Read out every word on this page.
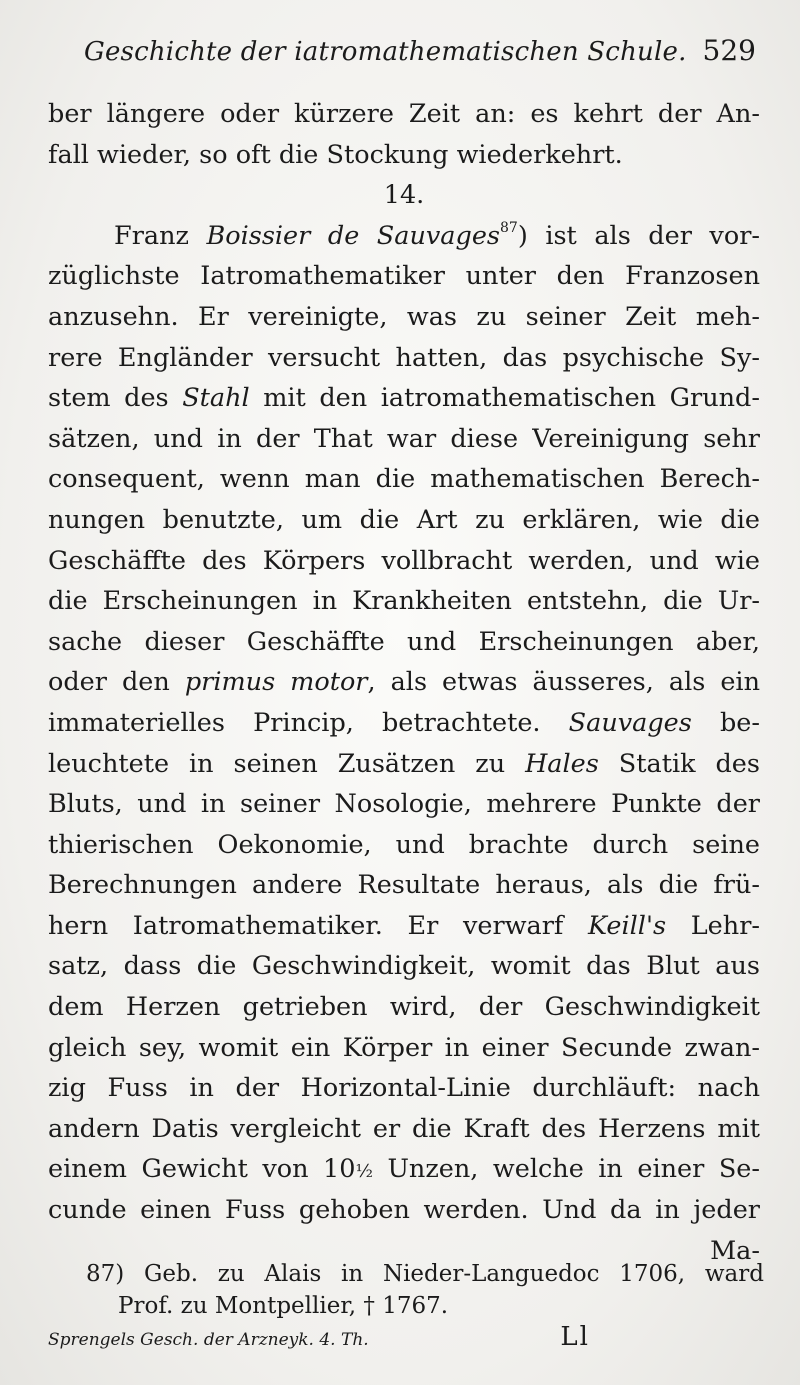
Geschichte der iatromathematischen Schule. 529
ber längere oder kürzere Zeit an: es kehrt der An-
fall wieder, so oft die Stockung wiederkehrt.
14.
Franz Boissier de Sauvages$^{87}$) ist als der vor-
züglichste Iatromathematiker unter den Franzosen
anzusehn. Er vereinigte, was zu seiner Zeit meh-
rere Engländer versucht hatten, das psychische Sy-
stem des Stahl mit den iatromathematischen Grund-
sätzen, und in der That war diese Vereinigung sehr
consequent, wenn man die mathematischen Berech-
nungen benutzte, um die Art zu erklären, wie die
Geschäffte des Körpers vollbracht werden, und wie
die Erscheinungen in Krankheiten entstehn, die Ur-
sache dieser Geschäffte und Erscheinungen aber,
oder den primus motor, als etwas äusseres, als ein
immaterielles Princip, betrachtete. Sauvages be-
leuchtete in seinen Zusätzen zu Hales Statik des
Bluts, und in seiner Nosologie, mehrere Punkte der
thierischen Oekonomie, und brachte durch seine
Berechnungen andere Resultate heraus, als die frü-
hern Iatromathematiker. Er verwarf Keill's Lehr-
satz, dass die Geschwindigkeit, womit das Blut aus
dem Herzen getrieben wird, der Geschwindigkeit
gleich sey, womit ein Körper in einer Secunde zwan-
zig Fuss in der Horizontal-Linie durchläuft: nach
andern Datis vergleicht er die Kraft des Herzens mit
einem Gewicht von 10½ Unzen, welche in einer Se-
cunde einen Fuss gehoben werden. Und da in jeder
Ma-
87) Geb. zu Alais in Nieder-Languedoc 1706, ward
Prof. zu Montpellier, † 1767.
Sprengels Gesch. der Arzneyk. 4. Th.	Ll
